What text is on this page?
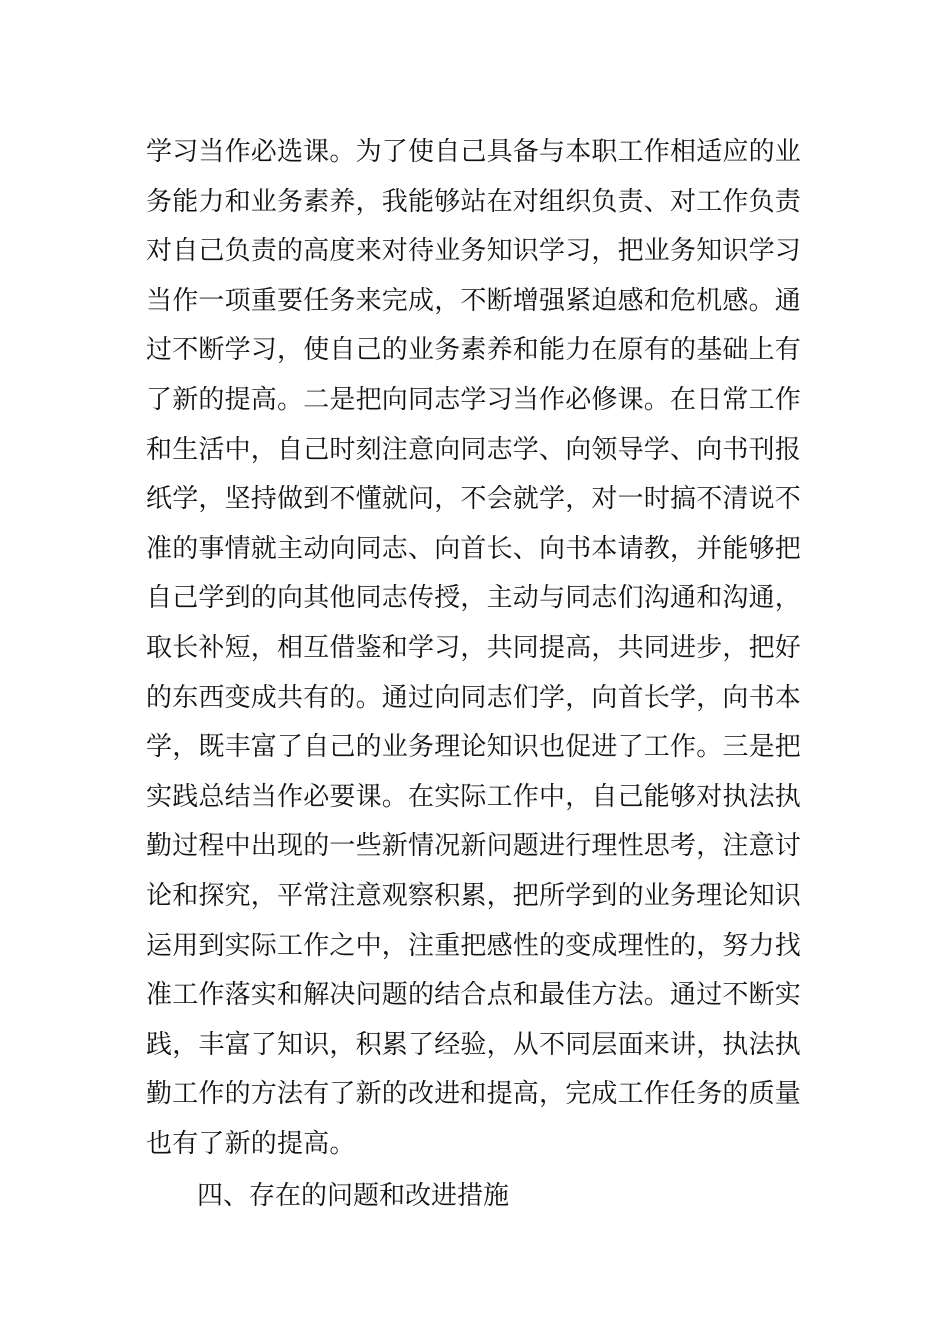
学习当作必选课。为了使自己具备与本职工作相适应的业
务能力和业务素养，我能够站在对组织负责、对工作负责
对自己负责的高度来对待业务知识学习，把业务知识学习
当作一项重要任务来完成，不断增强紧迫感和危机感。通
过不断学习，使自己的业务素养和能力在原有的基础上有
了新的提高。二是把向同志学习当作必修课。在日常工作
和生活中，自己时刻注意向同志学、向领导学、向书刊报
纸学，坚持做到不懂就问，不会就学，对一时搞不清说不
准的事情就主动向同志、向首长、向书本请教，并能够把
自己学到的向其他同志传授，主动与同志们沟通和沟通，
取长补短，相互借鉴和学习，共同提高，共同进步，把好
的东西变成共有的。通过向同志们学，向首长学，向书本
学，既丰富了自己的业务理论知识也促进了工作。三是把
实践总结当作必要课。在实际工作中，自己能够对执法执
勤过程中出现的一些新情况新问题进行理性思考，注意讨
论和探究，平常注意观察积累，把所学到的业务理论知识
运用到实际工作之中，注重把感性的变成理性的，努力找
准工作落实和解决问题的结合点和最佳方法。通过不断实
践，丰富了知识，积累了经验，从不同层面来讲，执法执
勤工作的方法有了新的改进和提高，完成工作任务的质量
也有了新的提高。
四、存在的问题和改进措施
